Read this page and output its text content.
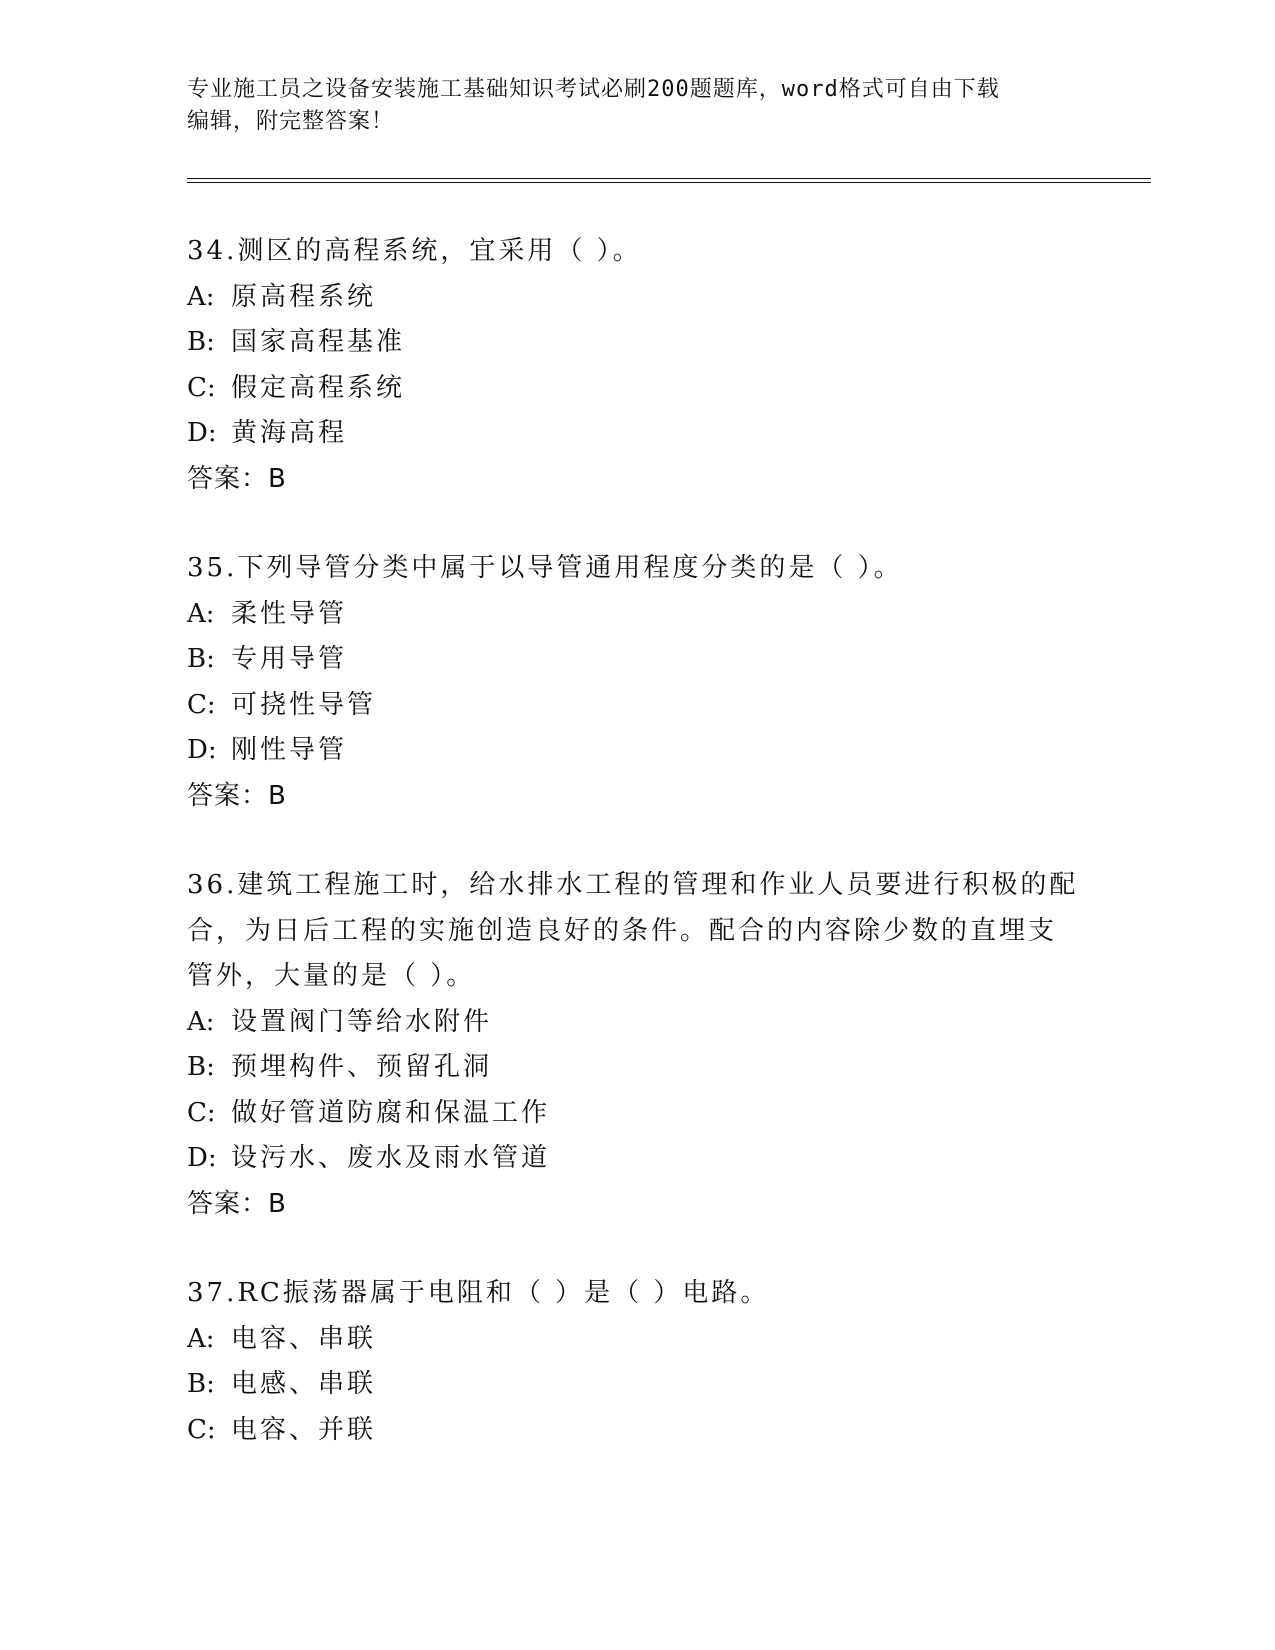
专业施工员之设备安装施工基础知识考试必刷200题题库，word格式可自由下载
编辑，附完整答案！
34.测区的高程系统，宜采用（ ）。
A: 原高程系统
B: 国家高程基准
C: 假定高程系统
D: 黄海高程
答案：B
35.下列导管分类中属于以导管通用程度分类的是（ ）。
A: 柔性导管
B: 专用导管
C: 可挠性导管
D: 刚性导管
答案：B
36.建筑工程施工时，给水排水工程的管理和作业人员要进行积极的配
合，为日后工程的实施创造良好的条件。配合的内容除少数的直埋支
管外，大量的是（ ）。
A: 设置阀门等给水附件
B: 预埋构件、预留孔洞
C: 做好管道防腐和保温工作
D: 设污水、废水及雨水管道
答案：B
37.RC振荡器属于电阻和（ ）是（ ）电路。
A: 电容、串联
B: 电感、串联
C: 电容、并联
